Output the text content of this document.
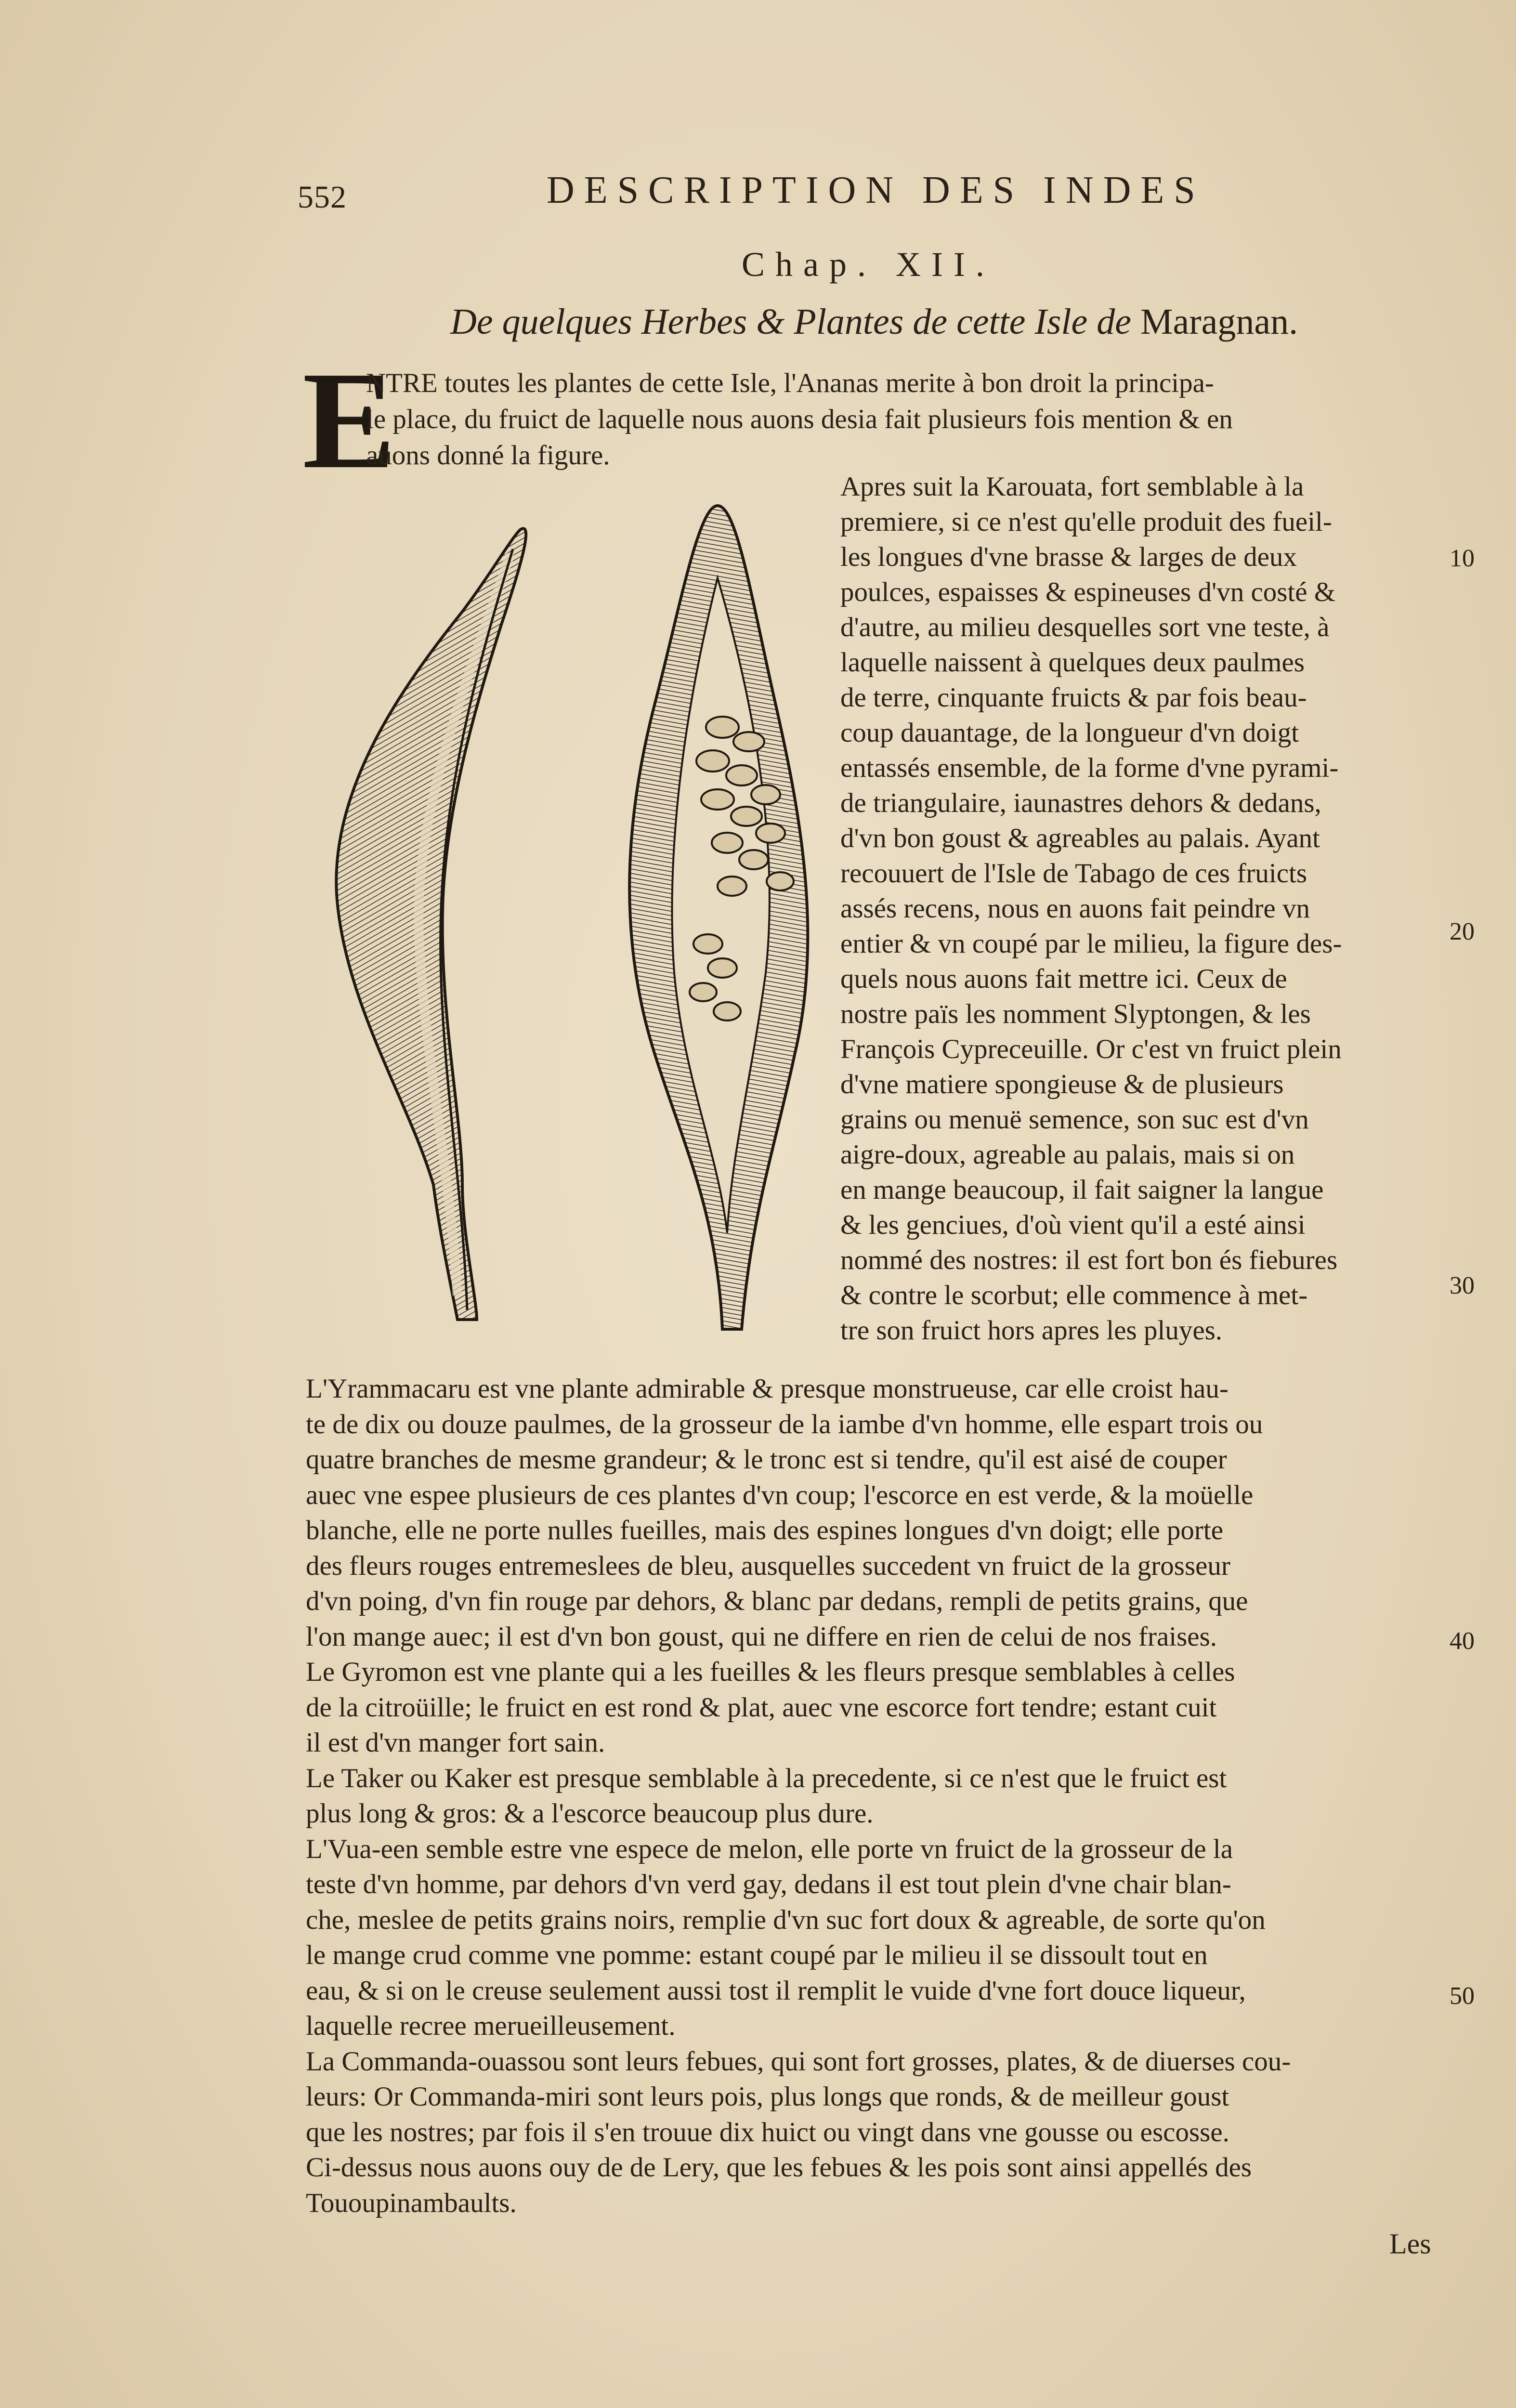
552	DESCRIPTION DES INDES
Chap. XII.
De quelques Herbes & Plantes de cette Isle de Maragnan.
E
NTRE toutes les plantes de cette Isle, l'Ananas merite à bon droit la principa-
le place, du fruict de laquelle nous auons desia fait plusieurs fois mention & en
auons donné la figure.
Apres suit la Karouata, fort semblable à la
premiere, si ce n'est qu'elle produit des fueil-
les longues d'vne brasse & larges de deux
poulces, espaisses & espineuses d'vn costé &
d'autre, au milieu desquelles sort vne teste, à
laquelle naissent à quelques deux paulmes
de terre, cinquante fruicts & par fois beau-
coup dauantage, de la longueur d'vn doigt
entassés ensemble, de la forme d'vne pyrami-
de triangulaire, iaunastres dehors & dedans,
d'vn bon goust & agreables au palais. Ayant
recouuert de l'Isle de Tabago de ces fruicts
assés recens, nous en auons fait peindre vn
entier & vn coupé par le milieu, la figure des-
quels nous auons fait mettre ici. Ceux de
nostre païs les nomment Slyptongen, & les
François Cypreceuille. Or c'est vn fruict plein
d'vne matiere spongieuse & de plusieurs
grains ou menuë semence, son suc est d'vn
aigre-doux, agreable au palais, mais si on
en mange beaucoup, il fait saigner la langue
& les genciues, d'où vient qu'il a esté ainsi
nommé des nostres: il est fort bon és fiebures
& contre le scorbut; elle commence à met-
tre son fruict hors apres les pluyes.
L'Yrammacaru est vne plante admirable & presque monstrueuse, car elle croist hau-
te de dix ou douze paulmes, de la grosseur de la iambe d'vn homme, elle espart trois ou
quatre branches de mesme grandeur; & le tronc est si tendre, qu'il est aisé de couper
auec vne espee plusieurs de ces plantes d'vn coup; l'escorce en est verde, & la moüelle
blanche, elle ne porte nulles fueilles, mais des espines longues d'vn doigt; elle porte
des fleurs rouges entremeslees de bleu, ausquelles succedent vn fruict de la grosseur
d'vn poing, d'vn fin rouge par dehors, & blanc par dedans, rempli de petits grains, que
l'on mange auec; il est d'vn bon goust, qui ne differe en rien de celui de nos fraises.
Le Gyromon est vne plante qui a les fueilles & les fleurs presque semblables à celles
de la citroüille; le fruict en est rond & plat, auec vne escorce fort tendre; estant cuit
il est d'vn manger fort sain.
Le Taker ou Kaker est presque semblable à la precedente, si ce n'est que le fruict est
plus long & gros: & a l'escorce beaucoup plus dure.
L'Vua-een semble estre vne espece de melon, elle porte vn fruict de la grosseur de la
teste d'vn homme, par dehors d'vn verd gay, dedans il est tout plein d'vne chair blan-
che, meslee de petits grains noirs, remplie d'vn suc fort doux & agreable, de sorte qu'on
le mange crud comme vne pomme: estant coupé par le milieu il se dissoult tout en
eau, & si on le creuse seulement aussi tost il remplit le vuide d'vne fort douce liqueur,
laquelle recree merueilleusement.
La Commanda-ouassou sont leurs febues, qui sont fort grosses, plates, & de diuerses cou-
leurs: Or Commanda-miri sont leurs pois, plus longs que ronds, & de meilleur goust
que les nostres; par fois il s'en trouue dix huict ou vingt dans vne gousse ou escosse.
Ci-dessus nous auons ouy de de Lery, que les febues & les pois sont ainsi appellés des
Tououpinambaults.
10
20
30
40
50
Les
